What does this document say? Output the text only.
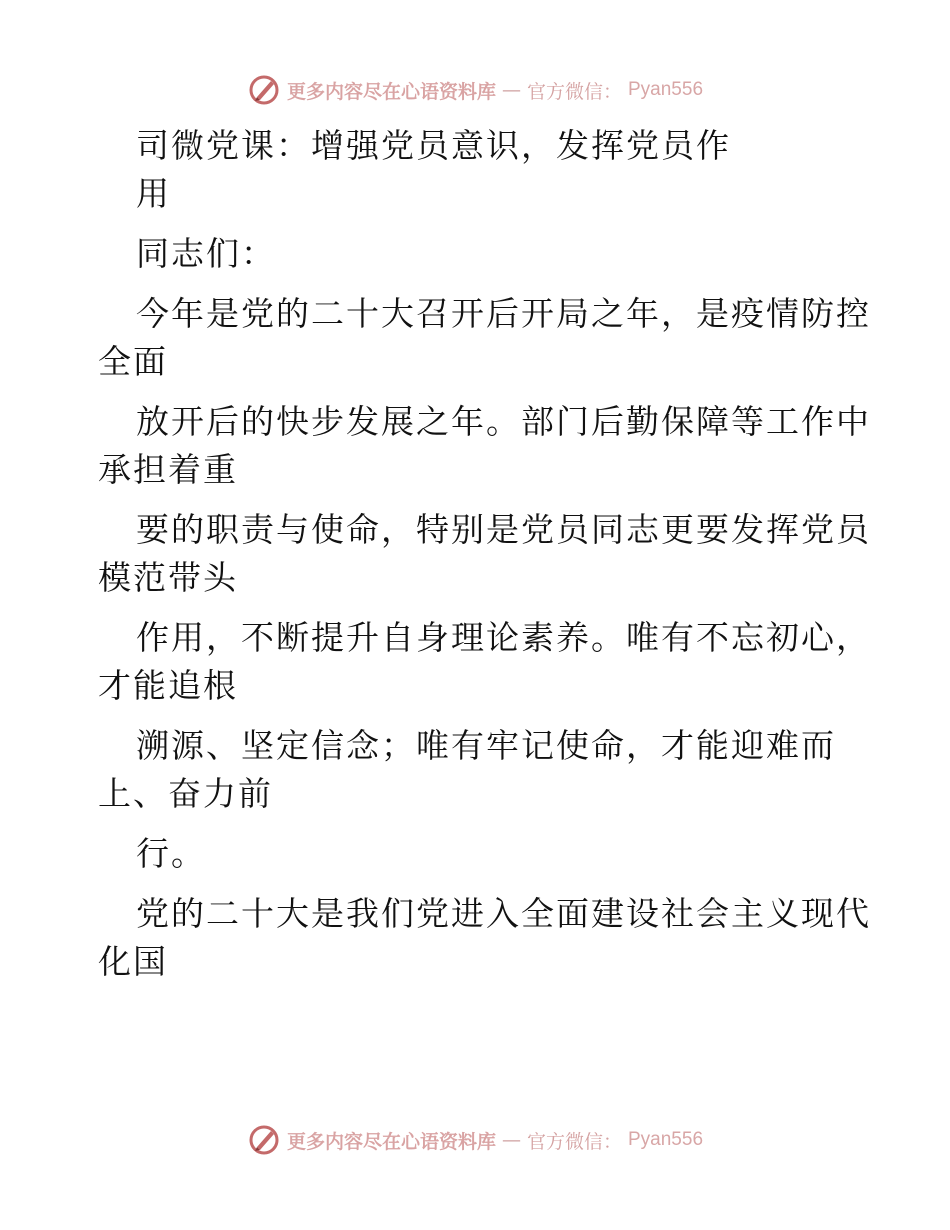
更多内容尽在心语资料库 — 官方微信： Pyan556
司微党课：增强党员意识，发挥党员作
用
同志们：
今年是党的二十大召开后开局之年，是疫情防控
全面
放开后的快步发展之年。部门后勤保障等工作中
承担着重
要的职责与使命，特别是党员同志更要发挥党员
模范带头
作用，不断提升自身理论素养。唯有不忘初心，
才能追根
溯源、坚定信念；唯有牢记使命，才能迎难而
上、奋力前
行。
党的二十大是我们党进入全面建设社会主义现代
化国
更多内容尽在心语资料库 — 官方微信： Pyan556
